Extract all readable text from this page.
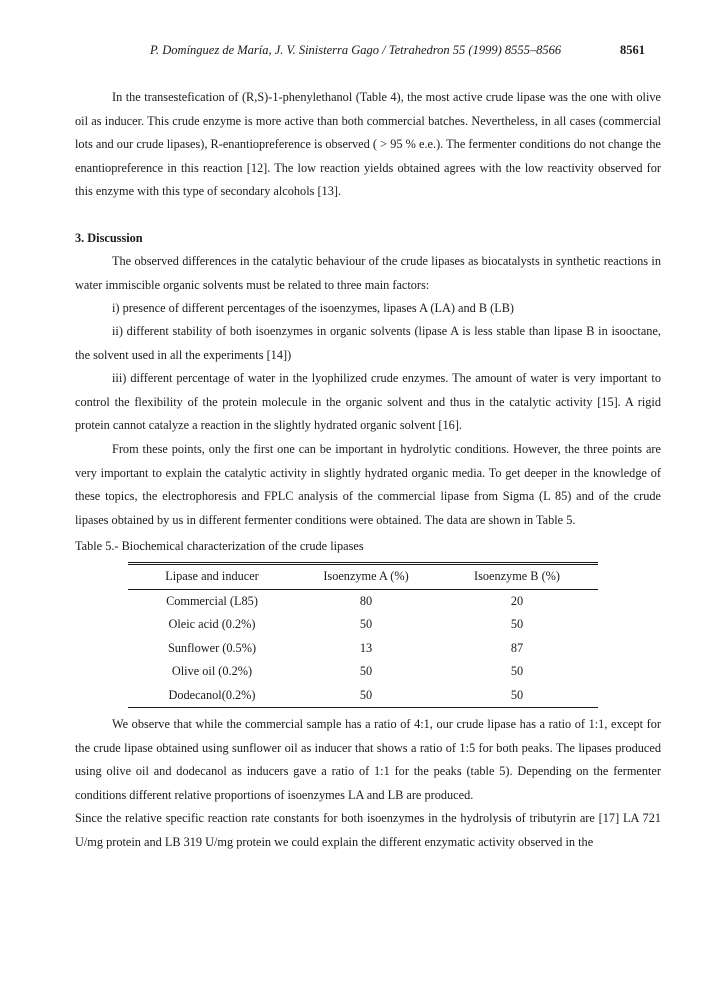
P. Domínguez de María, J. V. Sinisterra Gago / Tetrahedron 55 (1999) 8555–8566	8561

In the transestefication of (R,S)-1-phenylethanol (Table 4), the most active crude lipase was the one with olive oil as inducer. This crude enzyme is more active than both commercial batches. Nevertheless, in all cases (commercial lots and our crude lipases), R-enantiopreference is observed ( > 95 % e.e.). The fermenter conditions do not change the enantiopreference in this reaction [12]. The low reaction yields obtained agrees with the low reactivity observed for this enzyme with this type of secondary alcohols [13].

3. Discussion

The observed differences in the catalytic behaviour of the crude lipases as biocatalysts in synthetic reactions in water immiscible organic solvents must be related to three main factors:

i) presence of different percentages of the isoenzymes, lipases A (LA) and B (LB)

ii) different stability of both isoenzymes in organic solvents (lipase A is less stable than lipase B in isooctane, the solvent used in all the experiments [14])

iii) different percentage of water in the lyophilized crude enzymes. The amount of water is very important to control the flexibility of the protein molecule in the organic solvent and thus in the catalytic activity [15]. A rigid protein cannot catalyze a reaction in the slightly hydrated organic solvent [16].

From these points, only the first one can be important in hydrolytic conditions. However, the three points are very important to explain the catalytic activity in slightly hydrated organic media. To get deeper in the knowledge of these topics, the electrophoresis and FPLC analysis of the commercial lipase from Sigma (L 85) and of the crude lipases obtained by us in different fermenter conditions were obtained. The data are shown in Table 5.

Table 5.- Biochemical characterization of the crude lipases
Lipase and inducer	Isoenzyme A (%)	Isoenzyme B (%)
Commercial (L85)	80	20
Oleic acid (0.2%)	50	50
Sunflower (0.5%)	13	87
Olive oil (0.2%)	50	50
Dodecanol(0.2%)	50	50

We observe that while the commercial sample has a ratio of 4:1, our crude lipase has a ratio of 1:1, except for the crude lipase obtained using sunflower oil as inducer that shows a ratio of 1:5 for both peaks. The lipases produced using olive oil and dodecanol as inducers gave a ratio of 1:1 for the peaks (table 5). Depending on the fermenter conditions different relative proportions of isoenzymes LA and LB are produced.

Since the relative specific reaction rate constants for both isoenzymes in the hydrolysis of tributyrin are [17] LA 721 U/mg protein and LB 319 U/mg protein we could explain the different enzymatic activity observed in the
